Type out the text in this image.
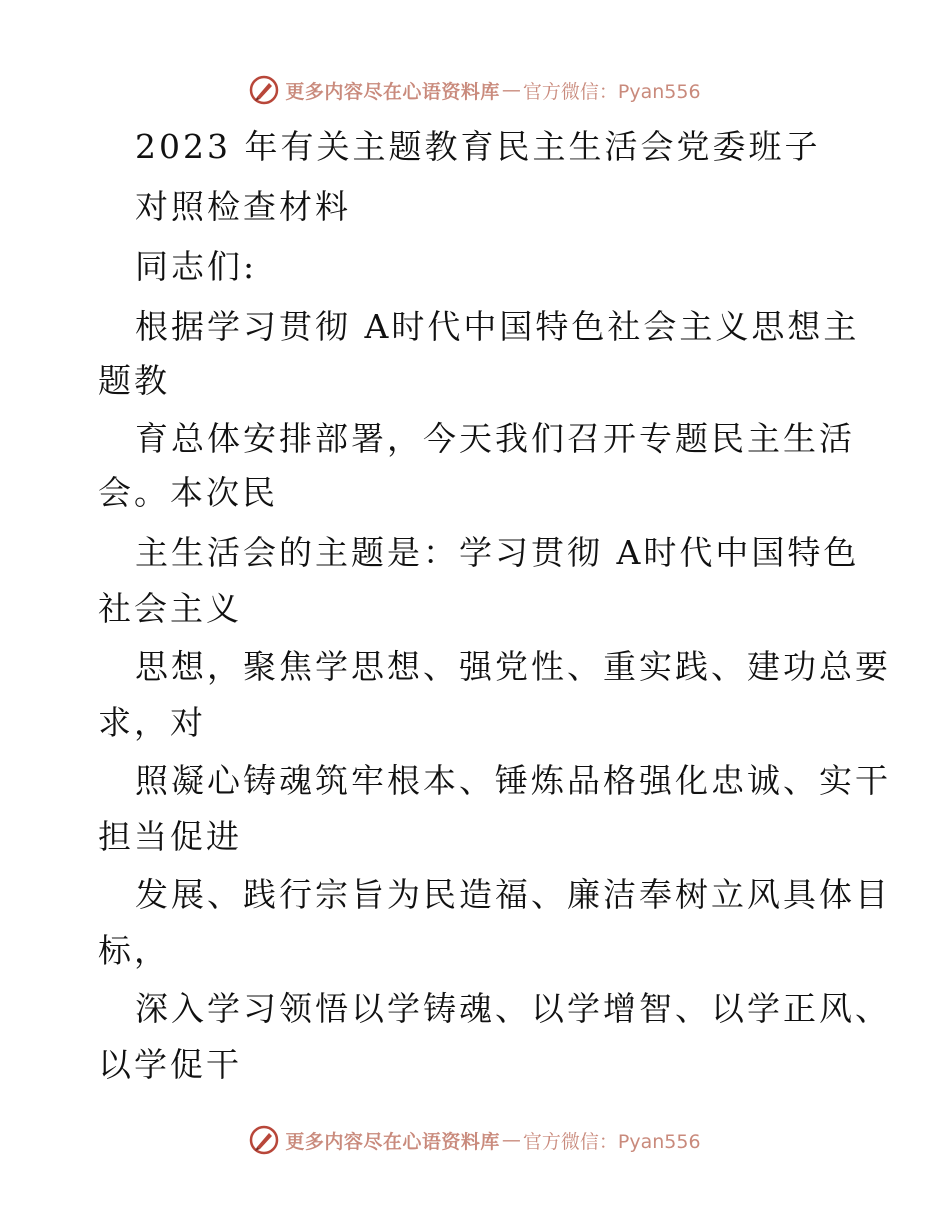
更多内容尽在心语资料库 — 官方微信：Pyan556
2023 年有关主题教育民主生活会党委班子
对照检查材料
同志们:
根据学习贯彻 A时代中国特色社会主义思想主
题教
育总体安排部署，今天我们召开专题民主生活
会。本次民
主生活会的主题是：学习贯彻 A时代中国特色
社会主义
思想，聚焦学思想、强党性、重实践、建功总要
求，对
照凝心铸魂筑牢根本、锤炼品格强化忠诚、实干
担当促进
发展、践行宗旨为民造福、廉洁奉树立风具体目
标，
深入学习领悟以学铸魂、以学增智、以学正风、
以学促干
更多内容尽在心语资料库 — 官方微信：Pyan556
